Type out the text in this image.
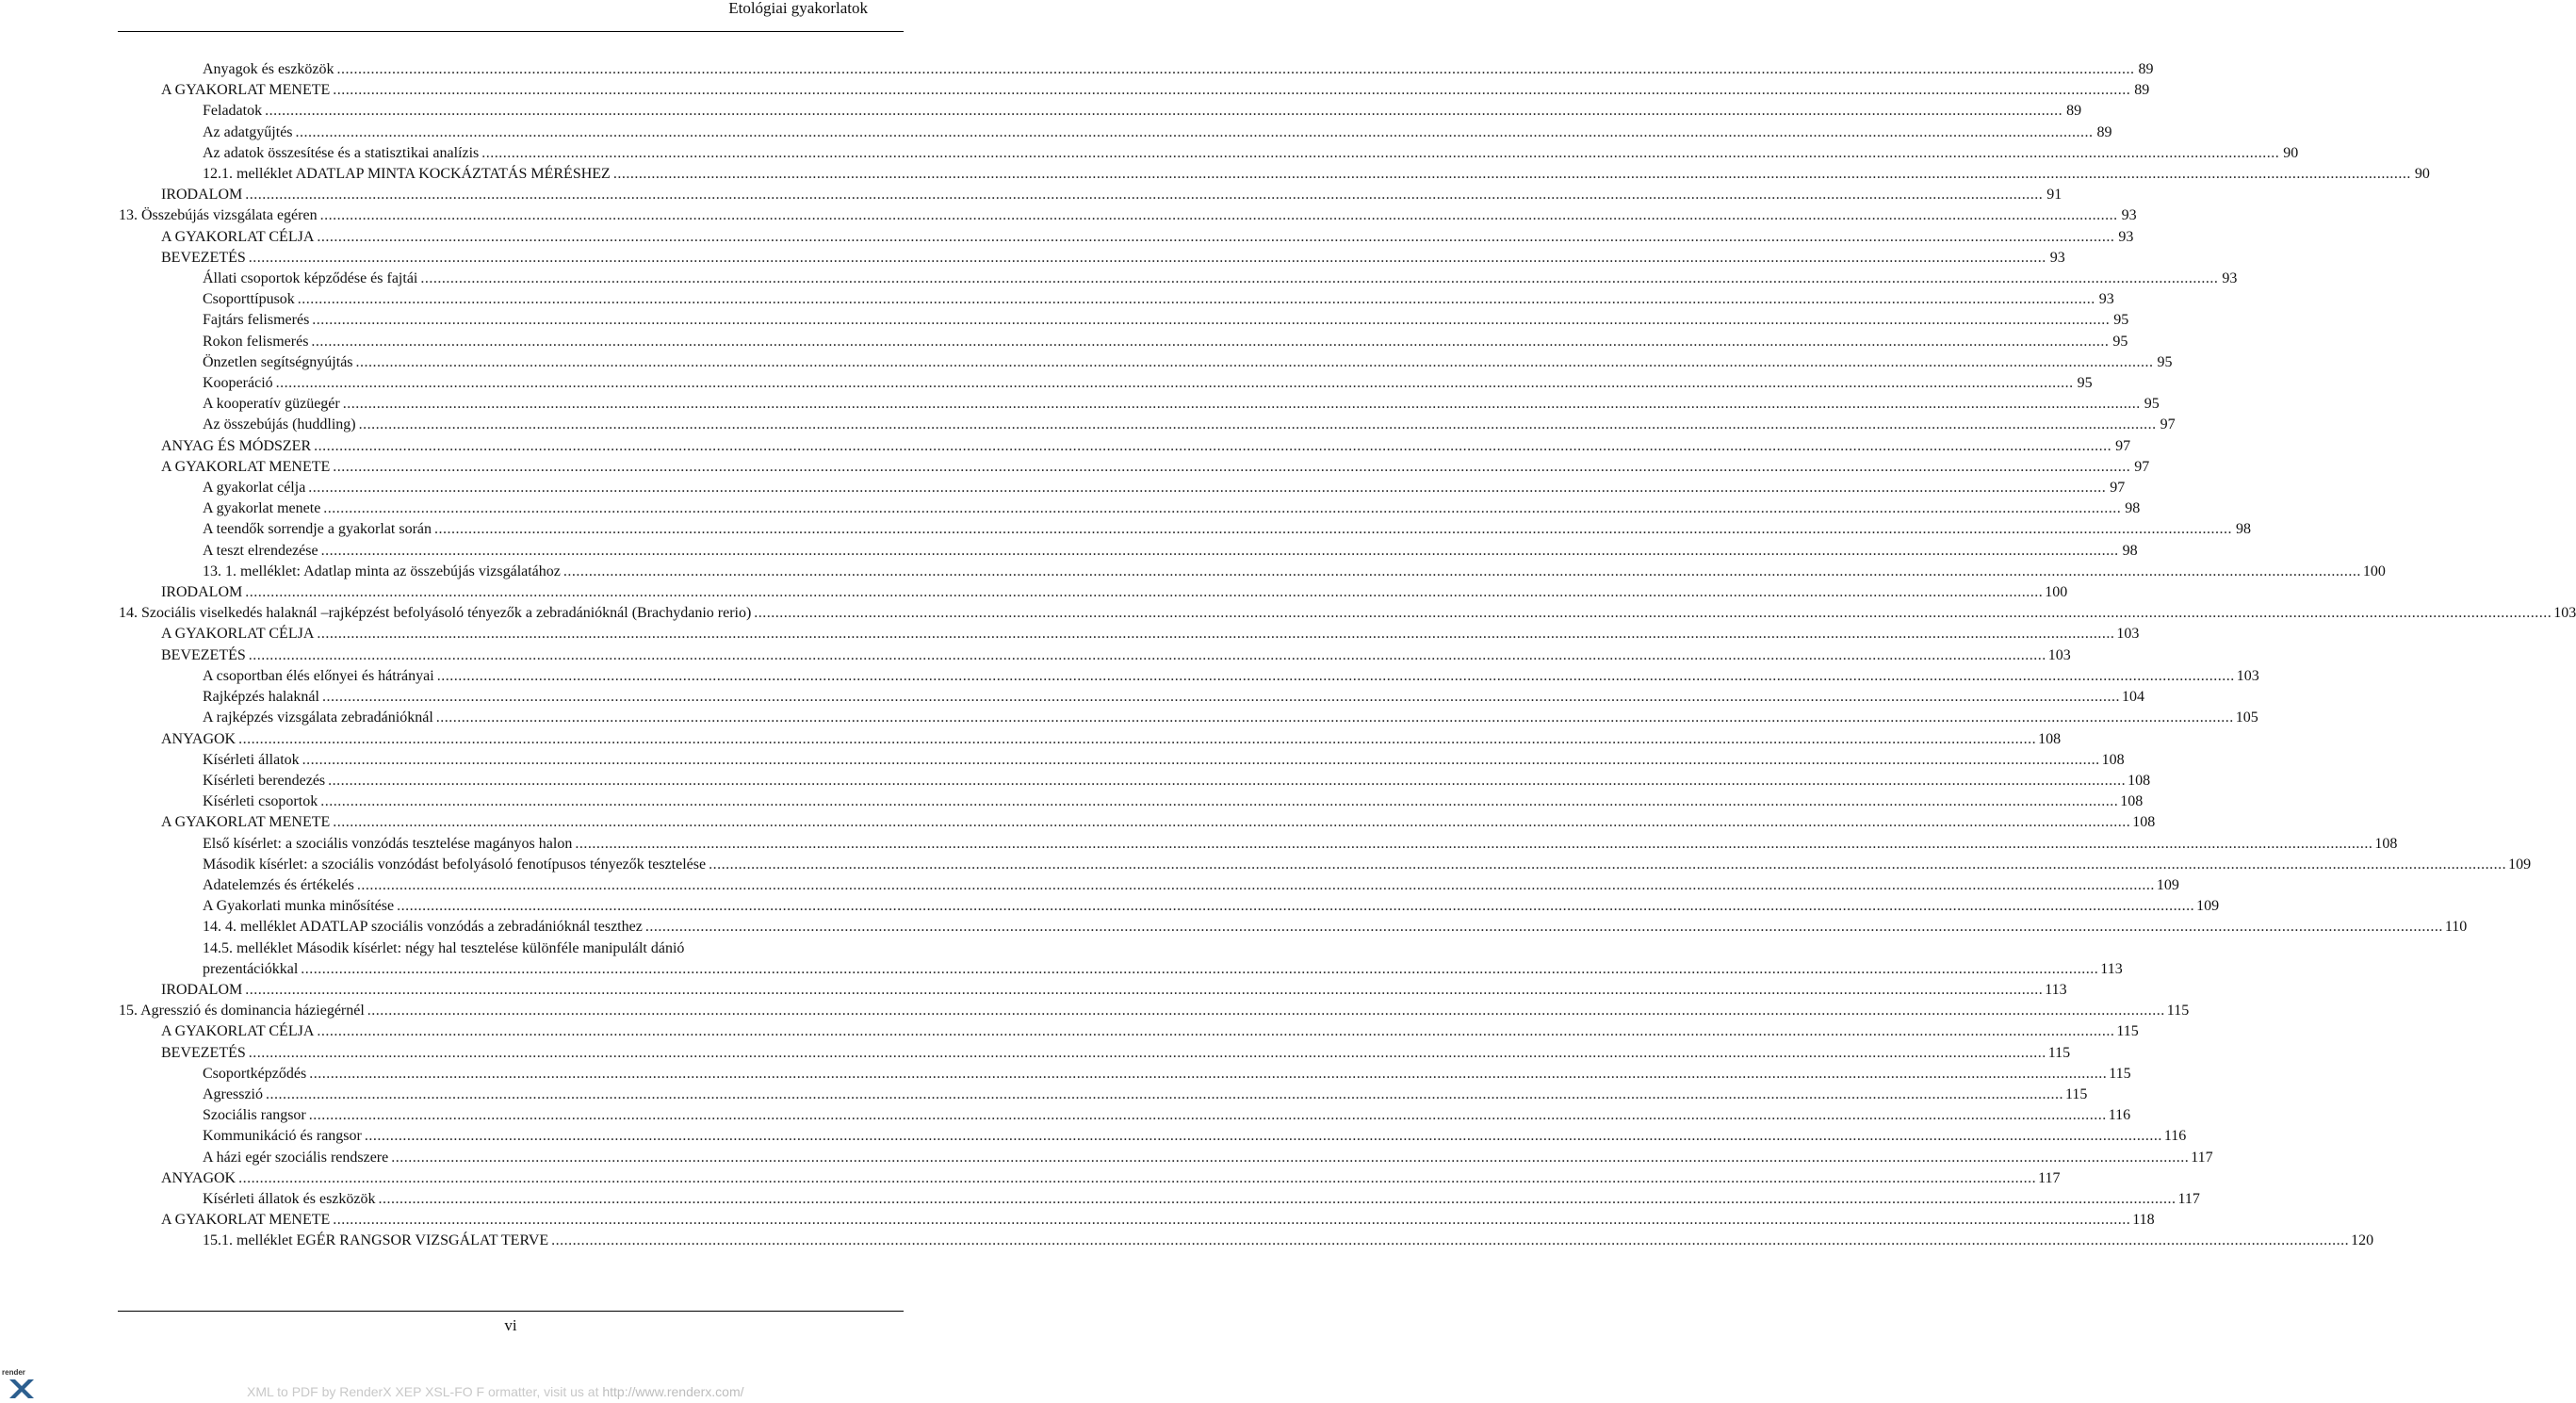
Etológiai gyakorlatok
Anyagok és eszközök .....	89
A GYAKORLAT MENETE .....	89
Feladatok .....	89
Az adatgyűjtés .....	89
Az adatok összesítése és a statisztikai analízis .....	90
12.1. melléklet ADATLAP MINTA KOCKÁZTATÁS MÉRÉSHEZ .....	90
IRODALOM .....	91
13. Összebújás vizsgálata egéren .....	93
A GYAKORLAT CÉLJA .....	93
BEVEZETÉS .....	93
Állati csoportok képződése és fajtái .....	93
Csoporttípusok .....	93
Fajtárs felismerés .....	95
Rokon felismerés .....	95
Önzetlen segítségnyújtás .....	95
Kooperáció .....	95
A kooperatív güzüegér .....	95
Az összebújás (huddling) .....	97
ANYAG ÉS MÓDSZER .....	97
A GYAKORLAT MENETE .....	97
A gyakorlat célja .....	97
A gyakorlat menete .....	98
A teendők sorrendje a gyakorlat során .....	98
A teszt elrendezése .....	98
13. 1. melléklet: Adatlap minta az összebújás vizsgálatához .....	100
IRODALOM .....	100
14. Szociális viselkedés halaknál –rajképzést befolyásoló tényezők a zebradánióknál (Brachydanio rerio) .....	103
A GYAKORLAT CÉLJA .....	103
BEVEZETÉS .....	103
A csoportban élés előnyei és hátrányai .....	103
Rajképzés halaknál .....	104
A rajképzés vizsgálata zebradánióknál .....	105
ANYAGOK .....	108
Kísérleti állatok .....	108
Kísérleti berendezés .....	108
Kísérleti csoportok .....	108
A GYAKORLAT MENETE .....	108
Első kísérlet: a szociális vonzódás tesztelése magányos halon .....	108
Második kísérlet: a szociális vonzódást befolyásoló fenotípusos tényezők tesztelése .....	109
Adatelemzés és értékelés .....	109
A Gyakorlati munka minősítése .....	109
14. 4. melléklet ADATLAP szociális vonzódás a zebradánióknál teszthez .....	110
14.5. melléklet Második kísérlet: négy hal tesztelése különféle manipulált dánió
prezentációkkal .....	113
IRODALOM .....	113
15. Agresszió és dominancia háziegérnél .....	115
A GYAKORLAT CÉLJA .....	115
BEVEZETÉS .....	115
Csoportképződés .....	115
Agresszió .....	115
Szociális rangsor .....	116
Kommunikáció és rangsor .....	116
A házi egér szociális rendszere .....	117
ANYAGOK .....	117
Kísérleti állatok és eszközök .....	117
A GYAKORLAT MENETE .....	118
15.1. melléklet EGÉR RANGSOR VIZSGÁLAT TERVE .....	120
vi
render
XML to PDF by RenderX XEP XSL-FO F ormatter, visit us at http://www.renderx.com/
